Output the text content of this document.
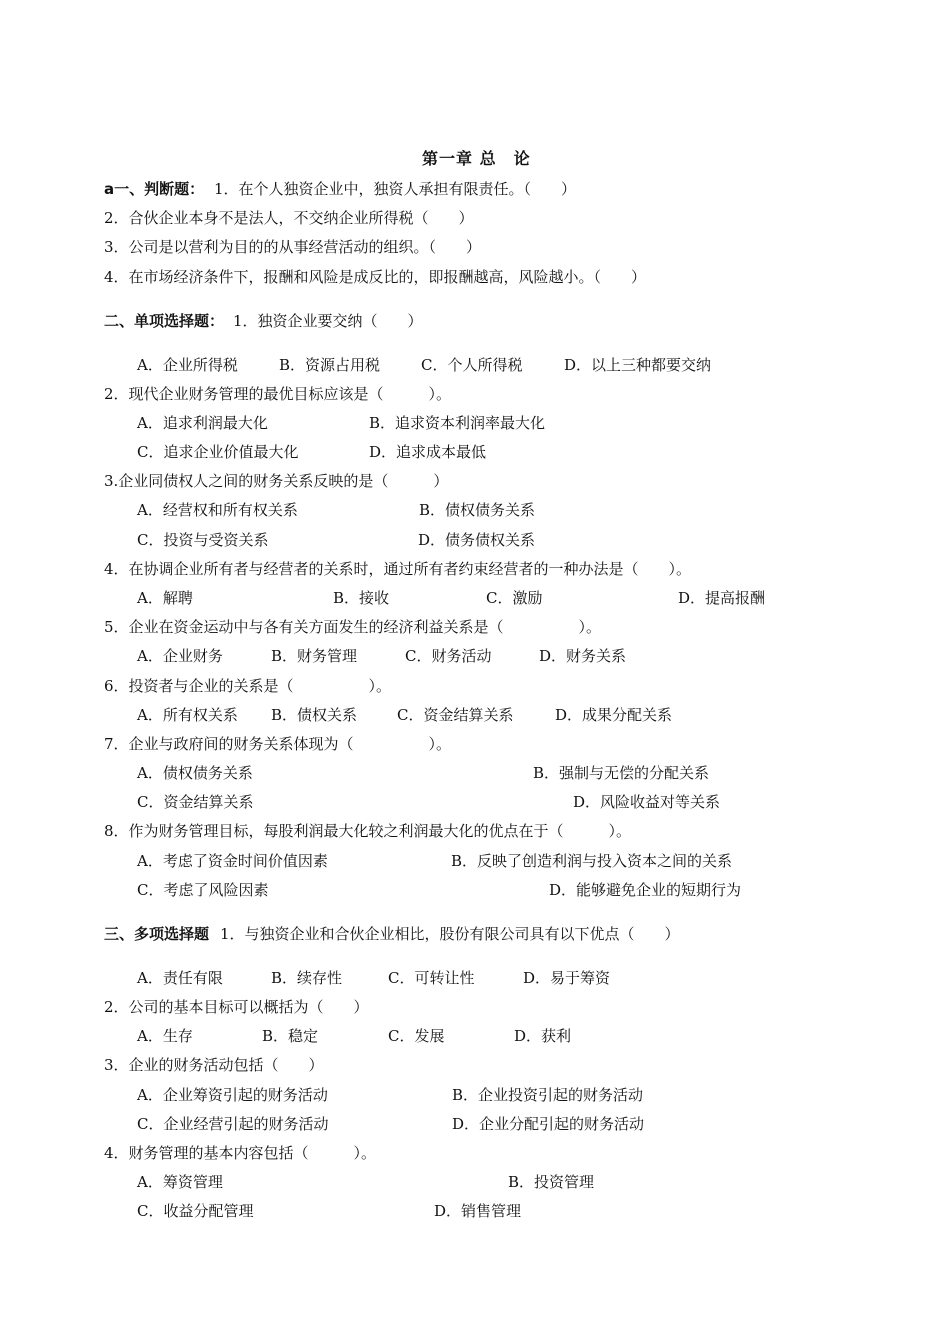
第一章 总　论
a一、判断题： 1．在个人独资企业中，独资人承担有限责任。（　　）
2．合伙企业本身不是法人，不交纳企业所得税（　　）
3．公司是以营利为目的的从事经营活动的组织。（　　）
4．在市场经济条件下，报酬和风险是成反比的，即报酬越高，风险越小。（　　）
二、单项选择题： 1．独资企业要交纳（　　）
A．企业所得税	B．资源占用税	C．个人所得税	D．以上三种都要交纳
2．现代企业财务管理的最优目标应该是（　　　）。
A．追求利润最大化	B．追求资本利润率最大化
C．追求企业价值最大化	D．追求成本最低
3.企业同债权人之间的财务关系反映的是（　　　）
A．经营权和所有权关系	B．债权债务关系
C．投资与受资关系	D．债务债权关系
4．在协调企业所有者与经营者的关系时，通过所有者约束经营者的一种办法是（　　）。
A．解聘	B．接收	C．激励	D．提高报酬
5．企业在资金运动中与各有关方面发生的经济利益关系是（　　　　　）。
A．企业财务	B．财务管理	C．财务活动	D．财务关系
6．投资者与企业的关系是（　　　　　）。
A．所有权关系 B．债权关系	C．资金结算关系	D．成果分配关系
7．企业与政府间的财务关系体现为（　　　　　）。
A．债权债务关系	B．强制与无偿的分配关系
C．资金结算关系	D．风险收益对等关系
8．作为财务管理目标，每股利润最大化较之利润最大化的优点在于（　　　）。
A．考虑了资金时间价值因素	B．反映了创造利润与投入资本之间的关系
C．考虑了风险因素	D．能够避免企业的短期行为
三、多项选择题 1．与独资企业和合伙企业相比，股份有限公司具有以下优点（　　）
A．责任有限	B．续存性	C．可转让性	D．易于筹资
2．公司的基本目标可以概括为（　　）
A．生存	B．稳定	C．发展	D．获利
3．企业的财务活动包括（　　）
A．企业筹资引起的财务活动	B．企业投资引起的财务活动
C．企业经营引起的财务活动	D．企业分配引起的财务活动
4．财务管理的基本内容包括（　　　）。
A．筹资管理	B．投资管理
C．收益分配管理	D．销售管理
